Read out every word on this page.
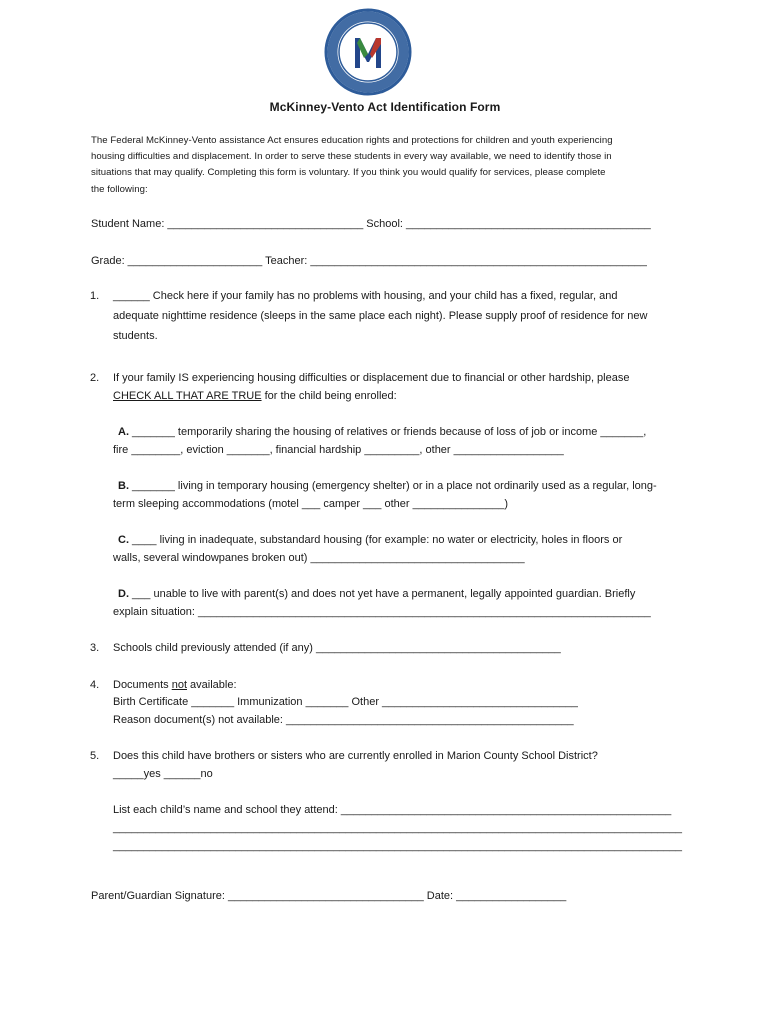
McKinney-Vento Act Identification Form
The Federal McKinney-Vento assistance Act ensures education rights and protections for children and youth experiencing
housing difficulties and displacement. In order to serve these students in every way available, we need to identify those in
situations that may qualify. Completing this form is voluntary. If you think you would qualify for services, please complete
the following:
Student Name: ________________________________ School: ________________________________________
Grade: ______________________ Teacher: _______________________________________________________
1. ______ Check here if your family has no problems with housing, and your child has a fixed, regular, and
adequate nighttime residence (sleeps in the same place each night). Please supply proof of residence for new
students.
2. If your family IS experiencing housing difficulties or displacement due to financial or other hardship, please
CHECK ALL THAT ARE TRUE for the child being enrolled:
A. _______ temporarily sharing the housing of relatives or friends because of loss of job or income _______,
fire ________, eviction _______, financial hardship _________, other __________________
B. _______ living in temporary housing (emergency shelter) or in a place not ordinarily used as a regular, long-
term sleeping accommodations (motel ___ camper ___ other _______________)
C. ____ living in inadequate, substandard housing (for example: no water or electricity, holes in floors or
walls, several windowpanes broken out) ___________________________________
D. ___ unable to live with parent(s) and does not yet have a permanent, legally appointed guardian. Briefly
explain situation: __________________________________________________________________________
3. Schools child previously attended (if any) ________________________________________
4. Documents not available:
Birth Certificate _______ Immunization _______ Other ________________________________
Reason document(s) not available: _______________________________________________
5. Does this child have brothers or sisters who are currently enrolled in Marion County School District?
_____yes ______no
List each child’s name and school they attend: ______________________________________________________
_____________________________________________________________________________________________
_____________________________________________________________________________________________
Parent/Guardian Signature: ________________________________ Date: __________________
